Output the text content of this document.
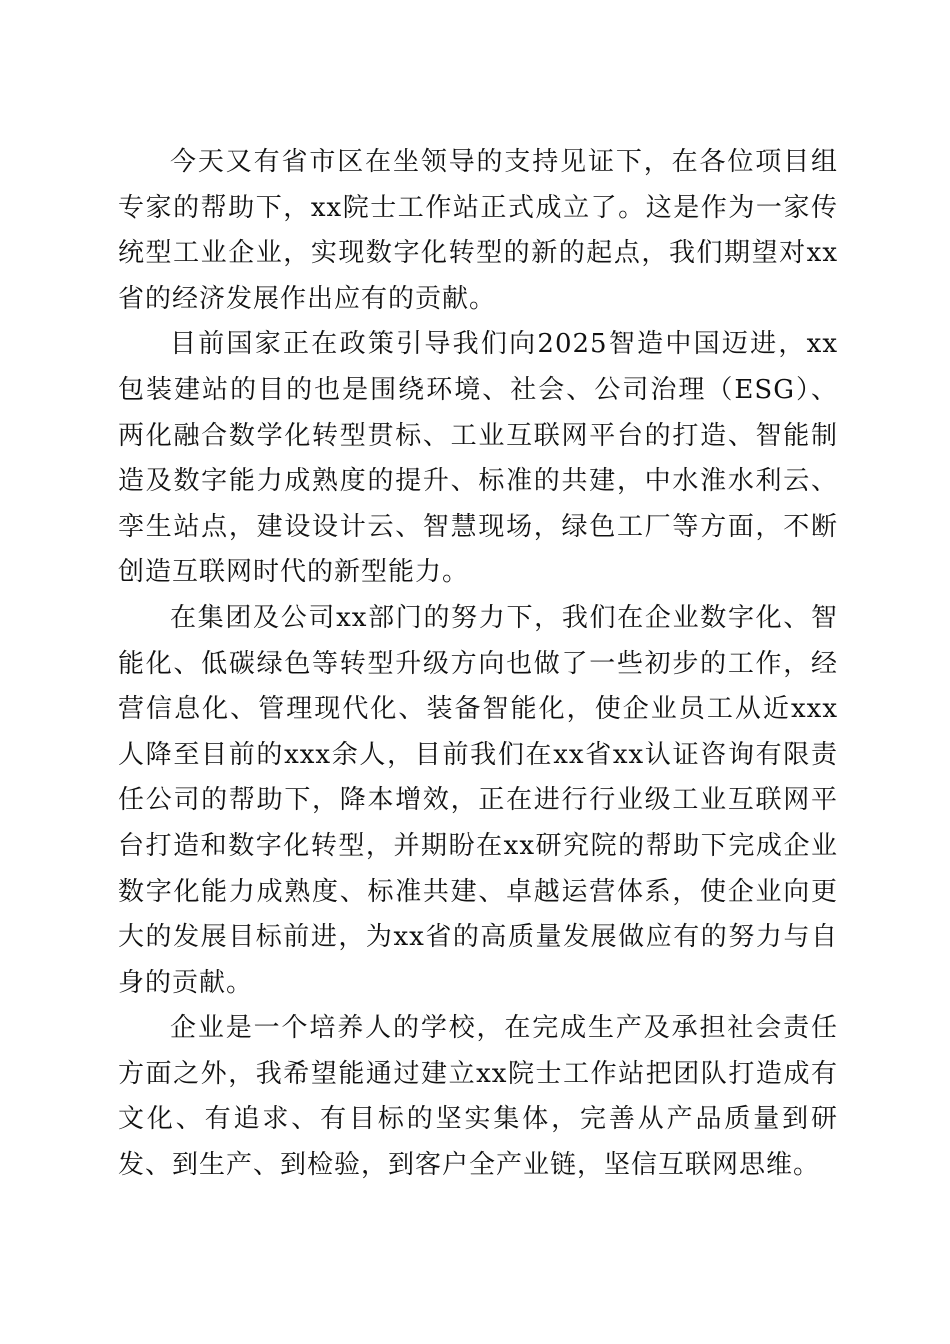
今天又有省市区在坐领导的支持见证下，在各位项目组专家的帮助下，xx院士工作站正式成立了。这是作为一家传统型工业企业，实现数字化转型的新的起点，我们期望对xx省的经济发展作出应有的贡献。

目前国家正在政策引导我们向2025智造中国迈进，xx包装建站的目的也是围绕环境、社会、公司治理（ESG）、两化融合数学化转型贯标、工业互联网平台的打造、智能制造及数字能力成熟度的提升、标准的共建，中水淮水利云、孪生站点，建设设计云、智慧现场，绿色工厂等方面，不断创造互联网时代的新型能力。

在集团及公司xx部门的努力下，我们在企业数字化、智能化、低碳绿色等转型升级方向也做了一些初步的工作，经营信息化、管理现代化、装备智能化，使企业员工从近xxx人降至目前的xxx余人，目前我们在xx省xx认证咨询有限责任公司的帮助下，降本增效，正在进行行业级工业互联网平台打造和数字化转型，并期盼在xx研究院的帮助下完成企业数字化能力成熟度、标准共建、卓越运营体系，使企业向更大的发展目标前进，为xx省的高质量发展做应有的努力与自身的贡献。

企业是一个培养人的学校，在完成生产及承担社会责任方面之外，我希望能通过建立xx院士工作站把团队打造成有文化、有追求、有目标的坚实集体，完善从产品质量到研发、到生产、到检验，到客户全产业链，坚信互联网思维。
